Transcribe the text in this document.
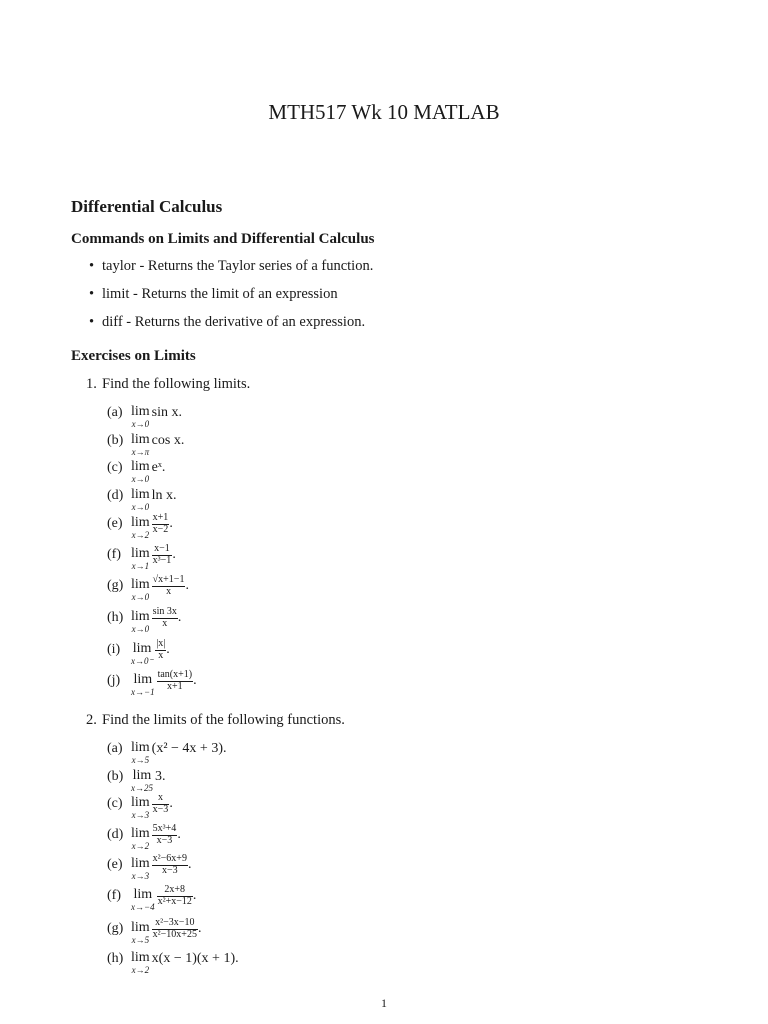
MTH517 Wk 10 MATLAB
Differential Calculus
Commands on Limits and Differential Calculus
• taylor - Returns the Taylor series of a function.
• limit - Returns the limit of an expression
• diff - Returns the derivative of an expression.
Exercises on Limits
1. Find the following limits.
(a) lim
x→0
sin x.
(b) lim
x→π
cos x.
(c) lim
x→0
eˣ.
(d) lim
x→0
ln x.
(e) lim
$x\to 2 \frac{x+1}{x-2}$ .
(f) lim
$x\to 1 \frac{x-1}{\text{x³−1}}$ .
(g) lim
$x\to 0 \frac{√x+1-1}{x}$ .
(h) lim
$x\to 0 \frac{\sin 3x}{x}$ .
(i) lim
$x\to 0^- \frac{|x|}{x}$ .
(j) lim
$x\to-1 \frac{\tan(x+1)}{x+1}$ .
2. Find the limits of the following functions.
(a) lim
x→5
(x² − 4x + 3).
(b) lim
x→25
3.
(c) lim
$x\to 3 \frac{x}{x-3}$ .
(d) lim
$x\to 2 \frac{\text{5x³+4}}{x-3}$ .
(e) lim
$x\to 3 \frac{\text{x²−6x+9}}{x-3}$ .
(f) lim
$x\to-4 \frac{2x+8}{\text{x²+x−12}}$ .
(g) lim
$x\to 5 \frac{\text{x²−3x−10}}{\text{x²−10x+25}}$ .
(h) lim
x→2
x(x − 1)(x + 1).
1
